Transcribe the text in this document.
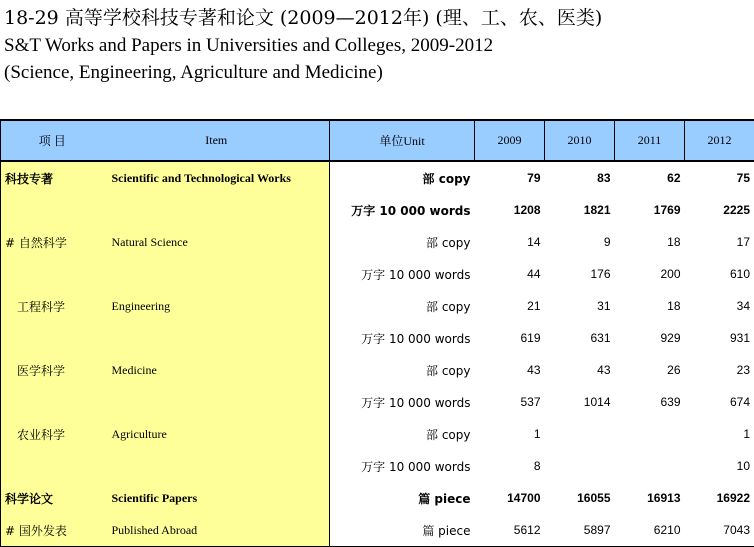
18-29 高等学校科技专著和论文 (2009—2012年) (理、工、农、医类)
S&T Works and Papers in Universities and Colleges, 2009-2012
(Science, Engineering, Agriculture and Medicine)
项 目	Item	单位Unit	2009	2010	2011	2012
科技专著	Scientific and Technological Works	部 copy	79	83	62	75
		万字 10 000 words	1208	1821	1769	2225
# 自然科学	Natural Science	部 copy	14	9	18	17
		万字 10 000 words	44	176	200	610
工程科学	Engineering	部 copy	21	31	18	34
		万字 10 000 words	619	631	929	931
医学科学	Medicine	部 copy	43	43	26	23
		万字 10 000 words	537	1014	639	674
农业科学	Agriculture	部 copy	1			1
		万字 10 000 words	8			10
科学论文	Scientific Papers	篇 piece	14700	16055	16913	16922
# 国外发表	Published Abroad	篇 piece	5612	5897	6210	7043
